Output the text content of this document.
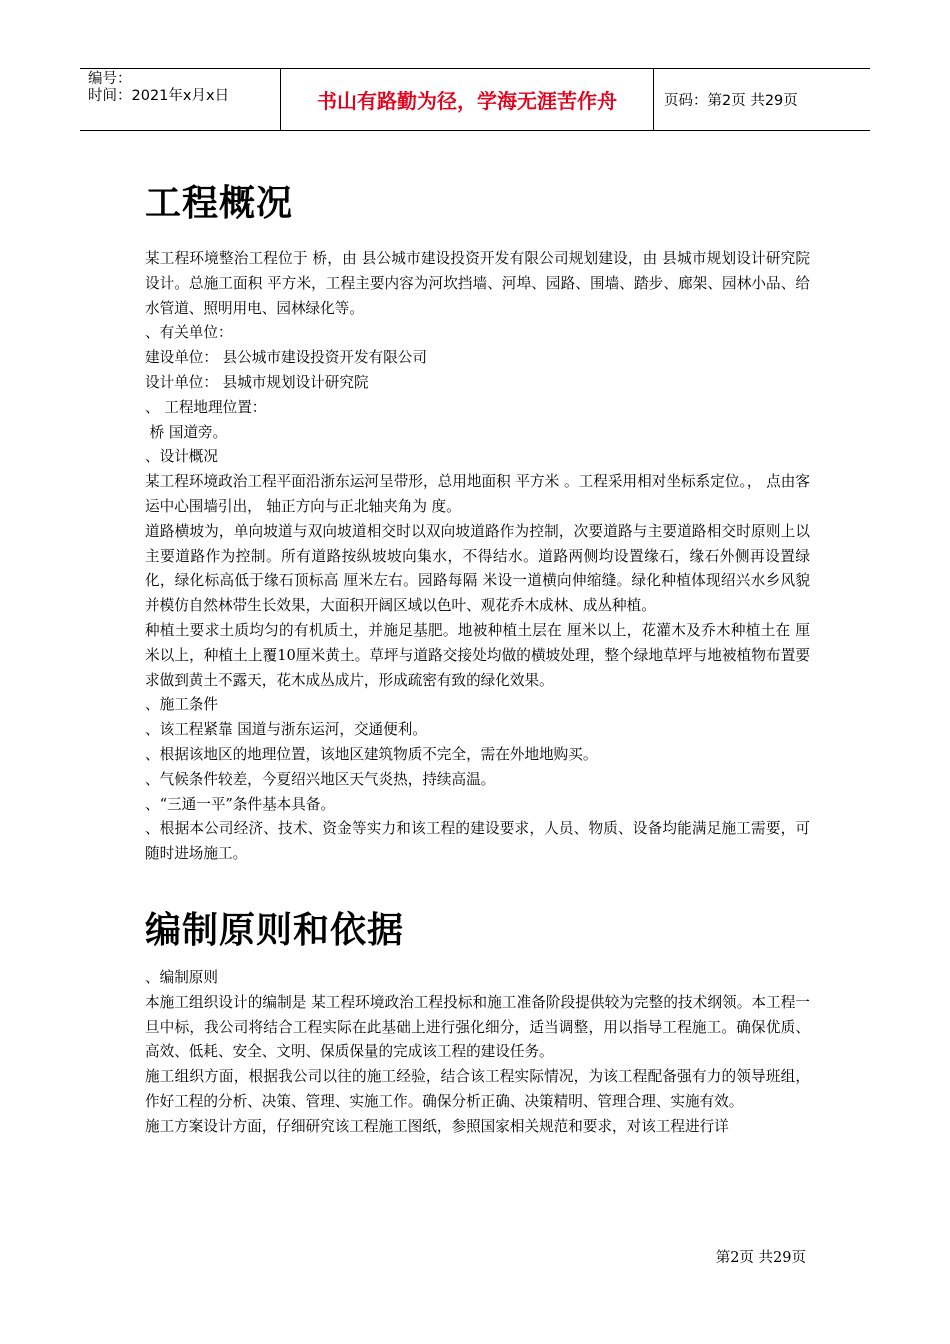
编号：
时间：2021年x月x日	书山有路勤为径，学海无涯苦作舟	页码：第2页 共29页
工程概况

某工程环境整治工程位于 桥，由 县公城市建设投资开发有限公司规划建设，由 县城市规划设计研究院设计。总施工面积 平方米，工程主要内容为河坎挡墙、河埠、园路、围墙、踏步、廊架、园林小品、给水管道、照明用电、园林绿化等。

、有关单位：

建设单位： 县公城市建设投资开发有限公司

设计单位： 县城市规划设计研究院

、 工程地理位置：

桥 国道旁。

、设计概况

某工程环境政治工程平面沿浙东运河呈带形，总用地面积 平方米 。工程采用相对坐标系定位。， 点由客运中心围墙引出， 轴正方向与正北轴夹角为 度。

道路横坡为，单向坡道与双向坡道相交时以双向坡道路作为控制，次要道路与主要道路相交时原则上以主要道路作为控制。所有道路按纵坡坡向集水，不得结水。道路两侧均设置缘石，缘石外侧再设置绿化，绿化标高低于缘石顶标高 厘米左右。园路每隔 米设一道横向伸缩缝。绿化种植体现绍兴水乡风貌并模仿自然林带生长效果，大面积开阔区域以色叶、观花乔木成林、成丛种植。

种植土要求土质均匀的有机质土，并施足基肥。地被种植土层在 厘米以上，花灌木及乔木种植土在 厘米以上，种植土上覆10厘米黄土。草坪与道路交接处均做的横坡处理，整个绿地草坪与地被植物布置要求做到黄土不露天，花木成丛成片，形成疏密有致的绿化效果。

、施工条件

、该工程紧靠 国道与浙东运河，交通便利。

、根据该地区的地理位置，该地区建筑物质不完全，需在外地地购买。

、气候条件较差，今夏绍兴地区天气炎热，持续高温。

、“三通一平”条件基本具备。

、根据本公司经济、技术、资金等实力和该工程的建设要求，人员、物质、设备均能满足施工需要，可随时进场施工。

编制原则和依据

、编制原则

本施工组织设计的编制是 某工程环境政治工程投标和施工准备阶段提供较为完整的技术纲领。本工程一旦中标，我公司将结合工程实际在此基础上进行强化细分，适当调整，用以指导工程施工。确保优质、高效、低耗、安全、文明、保质保量的完成该工程的建设任务。

施工组织方面，根据我公司以往的施工经验，结合该工程实际情况，为该工程配备强有力的领导班组，作好工程的分析、决策、管理、实施工作。确保分析正确、决策精明、管理合理、实施有效。

施工方案设计方面，仔细研究该工程施工图纸，参照国家相关规范和要求，对该工程进行详

第2页 共29页
